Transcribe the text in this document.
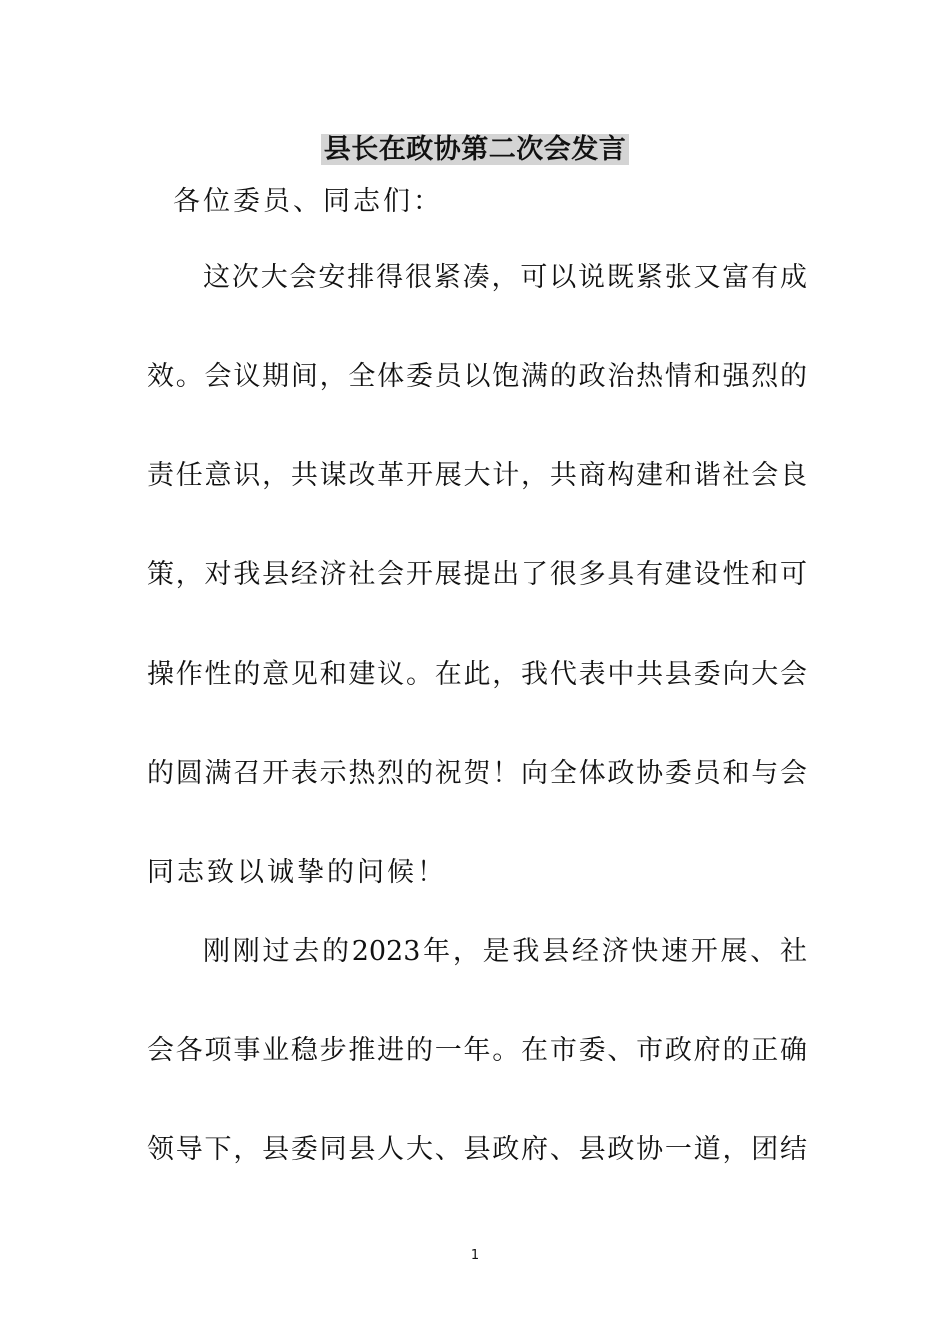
县长在政协第二次会发言
各位委员、同志们：
这次大会安排得很紧凑，可以说既紧张又富有成
效。会议期间，全体委员以饱满的政治热情和强烈的
责任意识，共谋改革开展大计，共商构建和谐社会良
策，对我县经济社会开展提出了很多具有建设性和可
操作性的意见和建议。在此，我代表中共县委向大会
的圆满召开表示热烈的祝贺！向全体政协委员和与会
同志致以诚挚的问候！
刚刚过去的2023年，是我县经济快速开展、社
会各项事业稳步推进的一年。在市委、市政府的正确
领导下，县委同县人大、县政府、县政协一道，团结
1
